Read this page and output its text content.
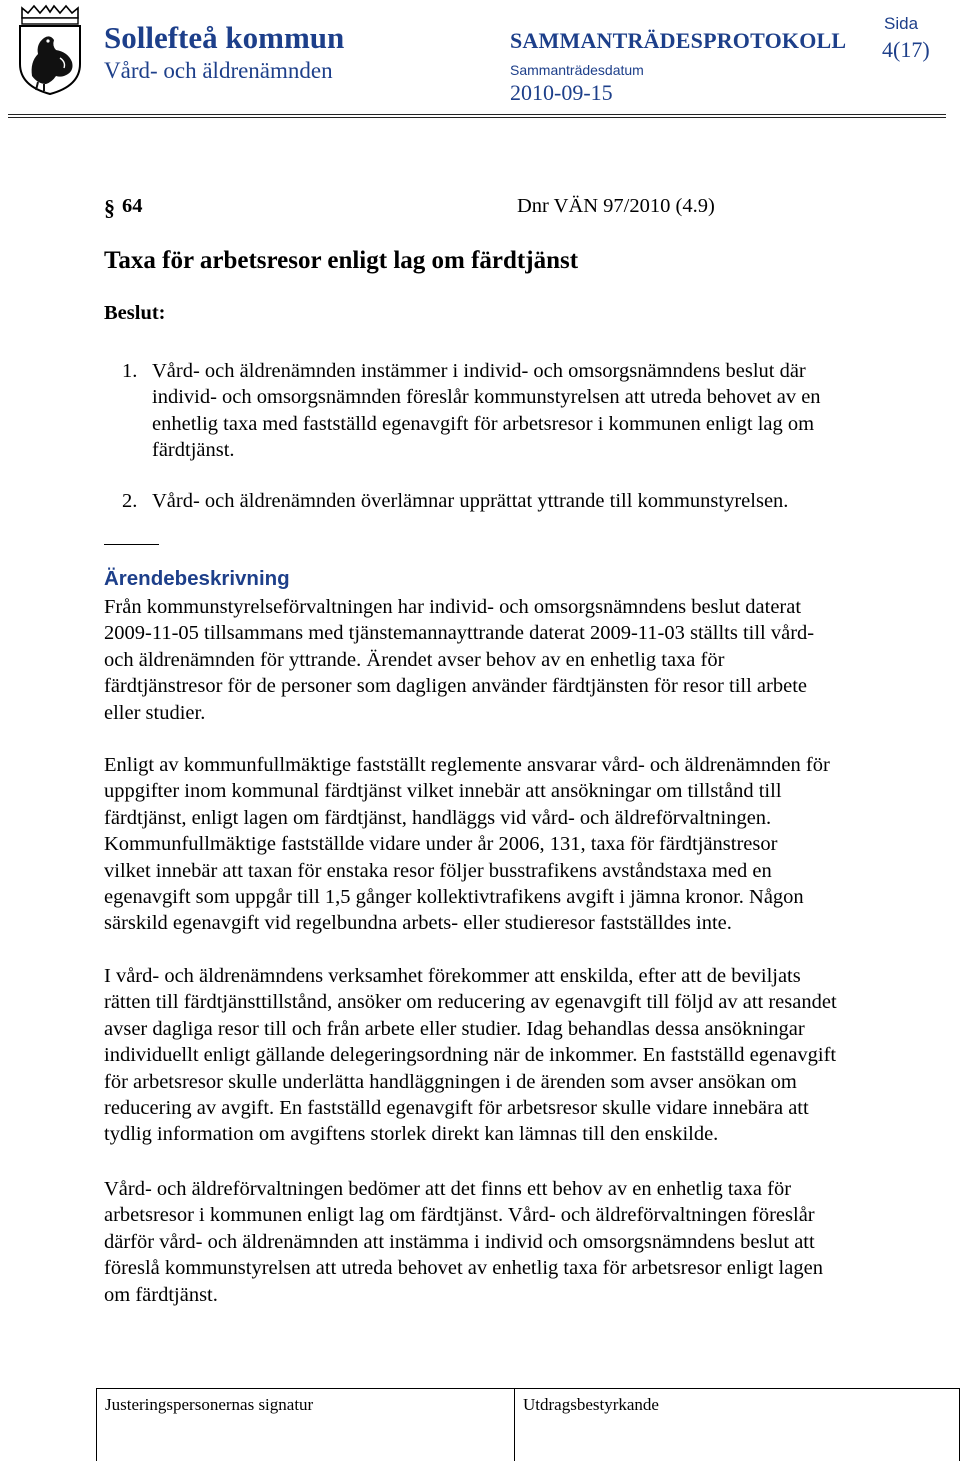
Sollefteå kommun
Vård- och äldrenämnden
SAMMANTRÄDESPROTOKOLL
Sammanträdesdatum
2010-09-15
Sida
4(17)
§ 64	Dnr VÄN 97/2010 (4.9)
Taxa för arbetsresor enligt lag om färdtjänst
Beslut:
1. Vård- och äldrenämnden instämmer i individ- och omsorgsnämndens beslut där

individ- och omsorgsnämnden föreslår kommunstyrelsen att utreda behovet av en

enhetlig taxa med fastställd egenavgift för arbetsresor i kommunen enligt lag om

färdtjänst.

2. Vård- och äldrenämnden överlämnar upprättat yttrande till kommunstyrelsen.

Ärendebeskrivning

Från kommunstyrelseförvaltningen har individ- och omsorgsnämndens beslut daterat

2009-11-05 tillsammans med tjänstemannayttrande daterat 2009-11-03 ställts till vård-

och äldrenämnden för yttrande. Ärendet avser behov av en enhetlig taxa för

färdtjänstresor för de personer som dagligen använder färdtjänsten för resor till arbete

eller studier.

Enligt av kommunfullmäktige fastställt reglemente ansvarar vård- och äldrenämnden för

uppgifter inom kommunal färdtjänst vilket innebär att ansökningar om tillstånd till

färdtjänst, enligt lagen om färdtjänst, handläggs vid vård- och äldreförvaltningen.

Kommunfullmäktige fastställde vidare under år 2006, 131, taxa för färdtjänstresor

vilket innebär att taxan för enstaka resor följer busstrafikens avståndstaxa med en

egenavgift som uppgår till 1,5 gånger kollektivtrafikens avgift i jämna kronor. Någon

särskild egenavgift vid regelbundna arbets- eller studieresor fastställdes inte.

I vård- och äldrenämndens verksamhet förekommer att enskilda, efter att de beviljats

rätten till färdtjänsttillstånd, ansöker om reducering av egenavgift till följd av att resandet

avser dagliga resor till och från arbete eller studier. Idag behandlas dessa ansökningar

individuellt enligt gällande delegeringsordning när de inkommer. En fastställd egenavgift

för arbetsresor skulle underlätta handläggningen i de ärenden som avser ansökan om

reducering av avgift. En fastställd egenavgift för arbetsresor skulle vidare innebära att

tydlig information om avgiftens storlek direkt kan lämnas till den enskilde.

Vård- och äldreförvaltningen bedömer att det finns ett behov av en enhetlig taxa för

arbetsresor i kommunen enligt lag om färdtjänst. Vård- och äldreförvaltningen föreslår

därför vård- och äldrenämnden att instämma i individ och omsorgsnämndens beslut att

föreslå kommunstyrelsen att utreda behovet av enhetlig taxa för arbetsresor enligt lagen

om färdtjänst.

Justeringspersonernas signatur	Utdragsbestyrkande
